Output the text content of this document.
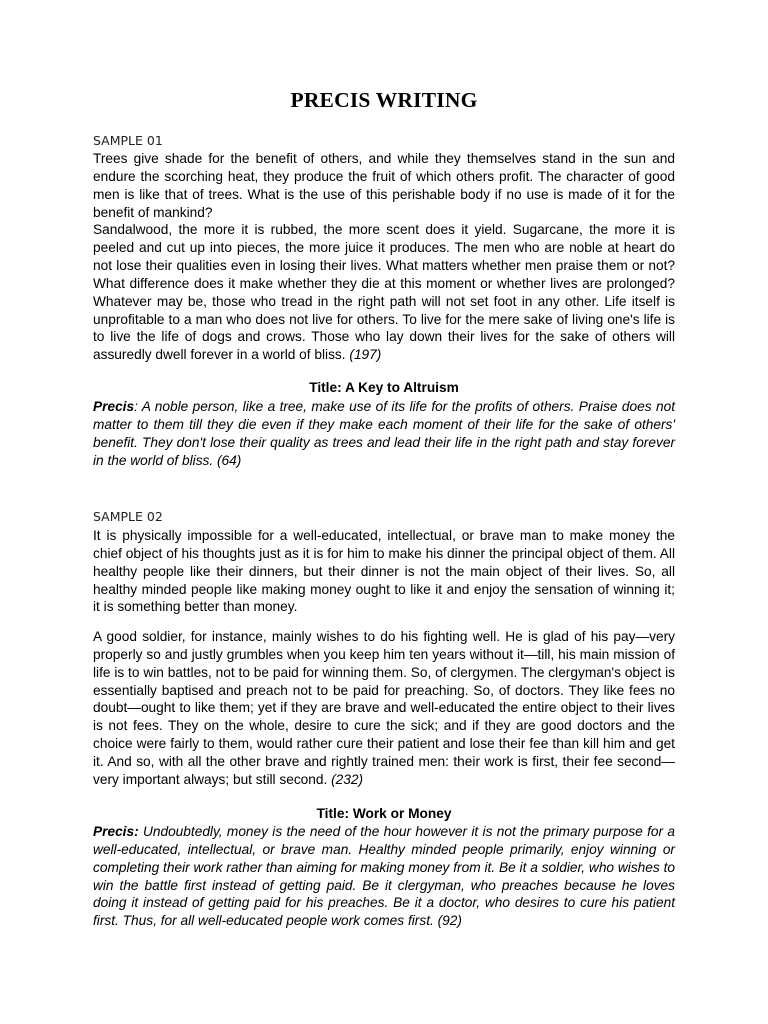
PRECIS WRITING
SAMPLE 01

Trees give shade for the benefit of others, and while they themselves stand in the sun and endure the scorching heat, they produce the fruit of which others profit. The character of good men is like that of trees. What is the use of this perishable body if no use is made of it for the benefit of mankind?

Sandalwood, the more it is rubbed, the more scent does it yield. Sugarcane, the more it is peeled and cut up into pieces, the more juice it produces. The men who are noble at heart do not lose their qualities even in losing their lives. What matters whether men praise them or not? What difference does it make whether they die at this moment or whether lives are prolonged? Whatever may be, those who tread in the right path will not set foot in any other. Life itself is unprofitable to a man who does not live for others. To live for the mere sake of living one's life is to live the life of dogs and crows. Those who lay down their lives for the sake of others will assuredly dwell forever in a world of bliss. (197)

Title: A Key to Altruism

Precis: A noble person, like a tree, make use of its life for the profits of others. Praise does not matter to them till they die even if they make each moment of their life for the sake of others' benefit. They don't lose their quality as trees and lead their life in the right path and stay forever in the world of bliss. (64)

SAMPLE 02

It is physically impossible for a well-educated, intellectual, or brave man to make money the chief object of his thoughts just as it is for him to make his dinner the principal object of them. All healthy people like their dinners, but their dinner is not the main object of their lives. So, all healthy minded people like making money ought to like it and enjoy the sensation of winning it; it is something better than money.

A good soldier, for instance, mainly wishes to do his fighting well. He is glad of his pay—very properly so and justly grumbles when you keep him ten years without it—till, his main mission of life is to win battles, not to be paid for winning them. So, of clergymen. The clergyman's object is essentially baptised and preach not to be paid for preaching. So, of doctors. They like fees no doubt—ought to like them; yet if they are brave and well-educated the entire object to their lives is not fees. They on the whole, desire to cure the sick; and if they are good doctors and the choice were fairly to them, would rather cure their patient and lose their fee than kill him and get it. And so, with all the other brave and rightly trained men: their work is first, their fee second—very important always; but still second. (232)

Title: Work or Money

Precis: Undoubtedly, money is the need of the hour however it is not the primary purpose for a well-educated, intellectual, or brave man. Healthy minded people primarily, enjoy winning or completing their work rather than aiming for making money from it. Be it a soldier, who wishes to win the battle first instead of getting paid. Be it clergyman, who preaches because he loves doing it instead of getting paid for his preaches. Be it a doctor, who desires to cure his patient first. Thus, for all well-educated people work comes first. (92)
